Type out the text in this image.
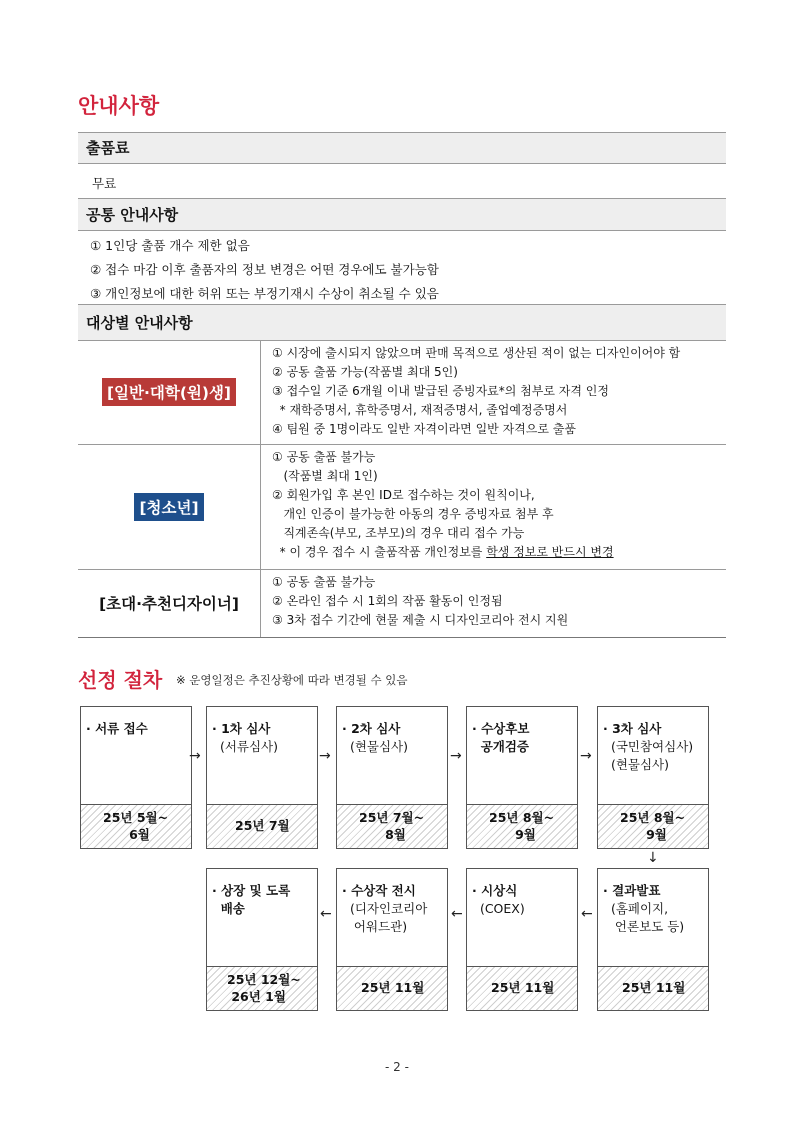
안내사항
출품료
무료
공통 안내사항
① 1인당 출품 개수 제한 없음
② 접수 마감 이후 출품자의 정보 변경은 어떤 경우에도 불가능함
③ 개인정보에 대한 허위 또는 부정기재시 수상이 취소될 수 있음
대상별 안내사항
[일반·대학(원)생]
① 시장에 출시되지 않았으며 판매 목적으로 생산된 적이 없는 디자인이어야 함
② 공동 출품 가능(작품별 최대 5인)
③ 접수일 기준 6개월 이내 발급된 증빙자료*의 첨부로 자격 인정
* 재학증명서, 휴학증명서, 재적증명서, 졸업예정증명서
④ 팀원 중 1명이라도 일반 자격이라면 일반 자격으로 출품
[청소년]
① 공동 출품 불가능
(작품별 최대 1인)
② 회원가입 후 본인 ID로 접수하는 것이 원칙이나,
개인 인증이 불가능한 아동의 경우 증빙자료 첨부 후
직계존속(부모, 조부모)의 경우 대리 접수 가능
* 이 경우 접수 시 출품작품 개인정보를 학생 정보로 반드시 변경
[초대·추천디자이너]
① 공동 출품 불가능
② 온라인 접수 시 1회의 작품 활동이 인정됨
③ 3차 접수 기간에 현물 제출 시 디자인코리아 전시 지원
선정 절차 ※ 운영일정은 추진상황에 따라 변경될 수 있음
· 서류 접수
25년 5월~
6월
· 1차 심사
(서류심사)
25년 7월
· 2차 심사
(현물심사)
25년 7월~
8월
· 수상후보
공개검증
25년 8월~
9월
· 3차 심사
(국민참여심사)
(현물심사)
25년 8월~
9월
→	→	→	→
↓
· 결과발표
(홈페이지,
언론보도 등)
25년 11월
· 시상식
(COEX)
25년 11월
· 수상작 전시
(디자인코리아
어워드관)
25년 11월
· 상장 및 도록
배송
25년 12월~
26년 1월
←
←
←
- 2 -
